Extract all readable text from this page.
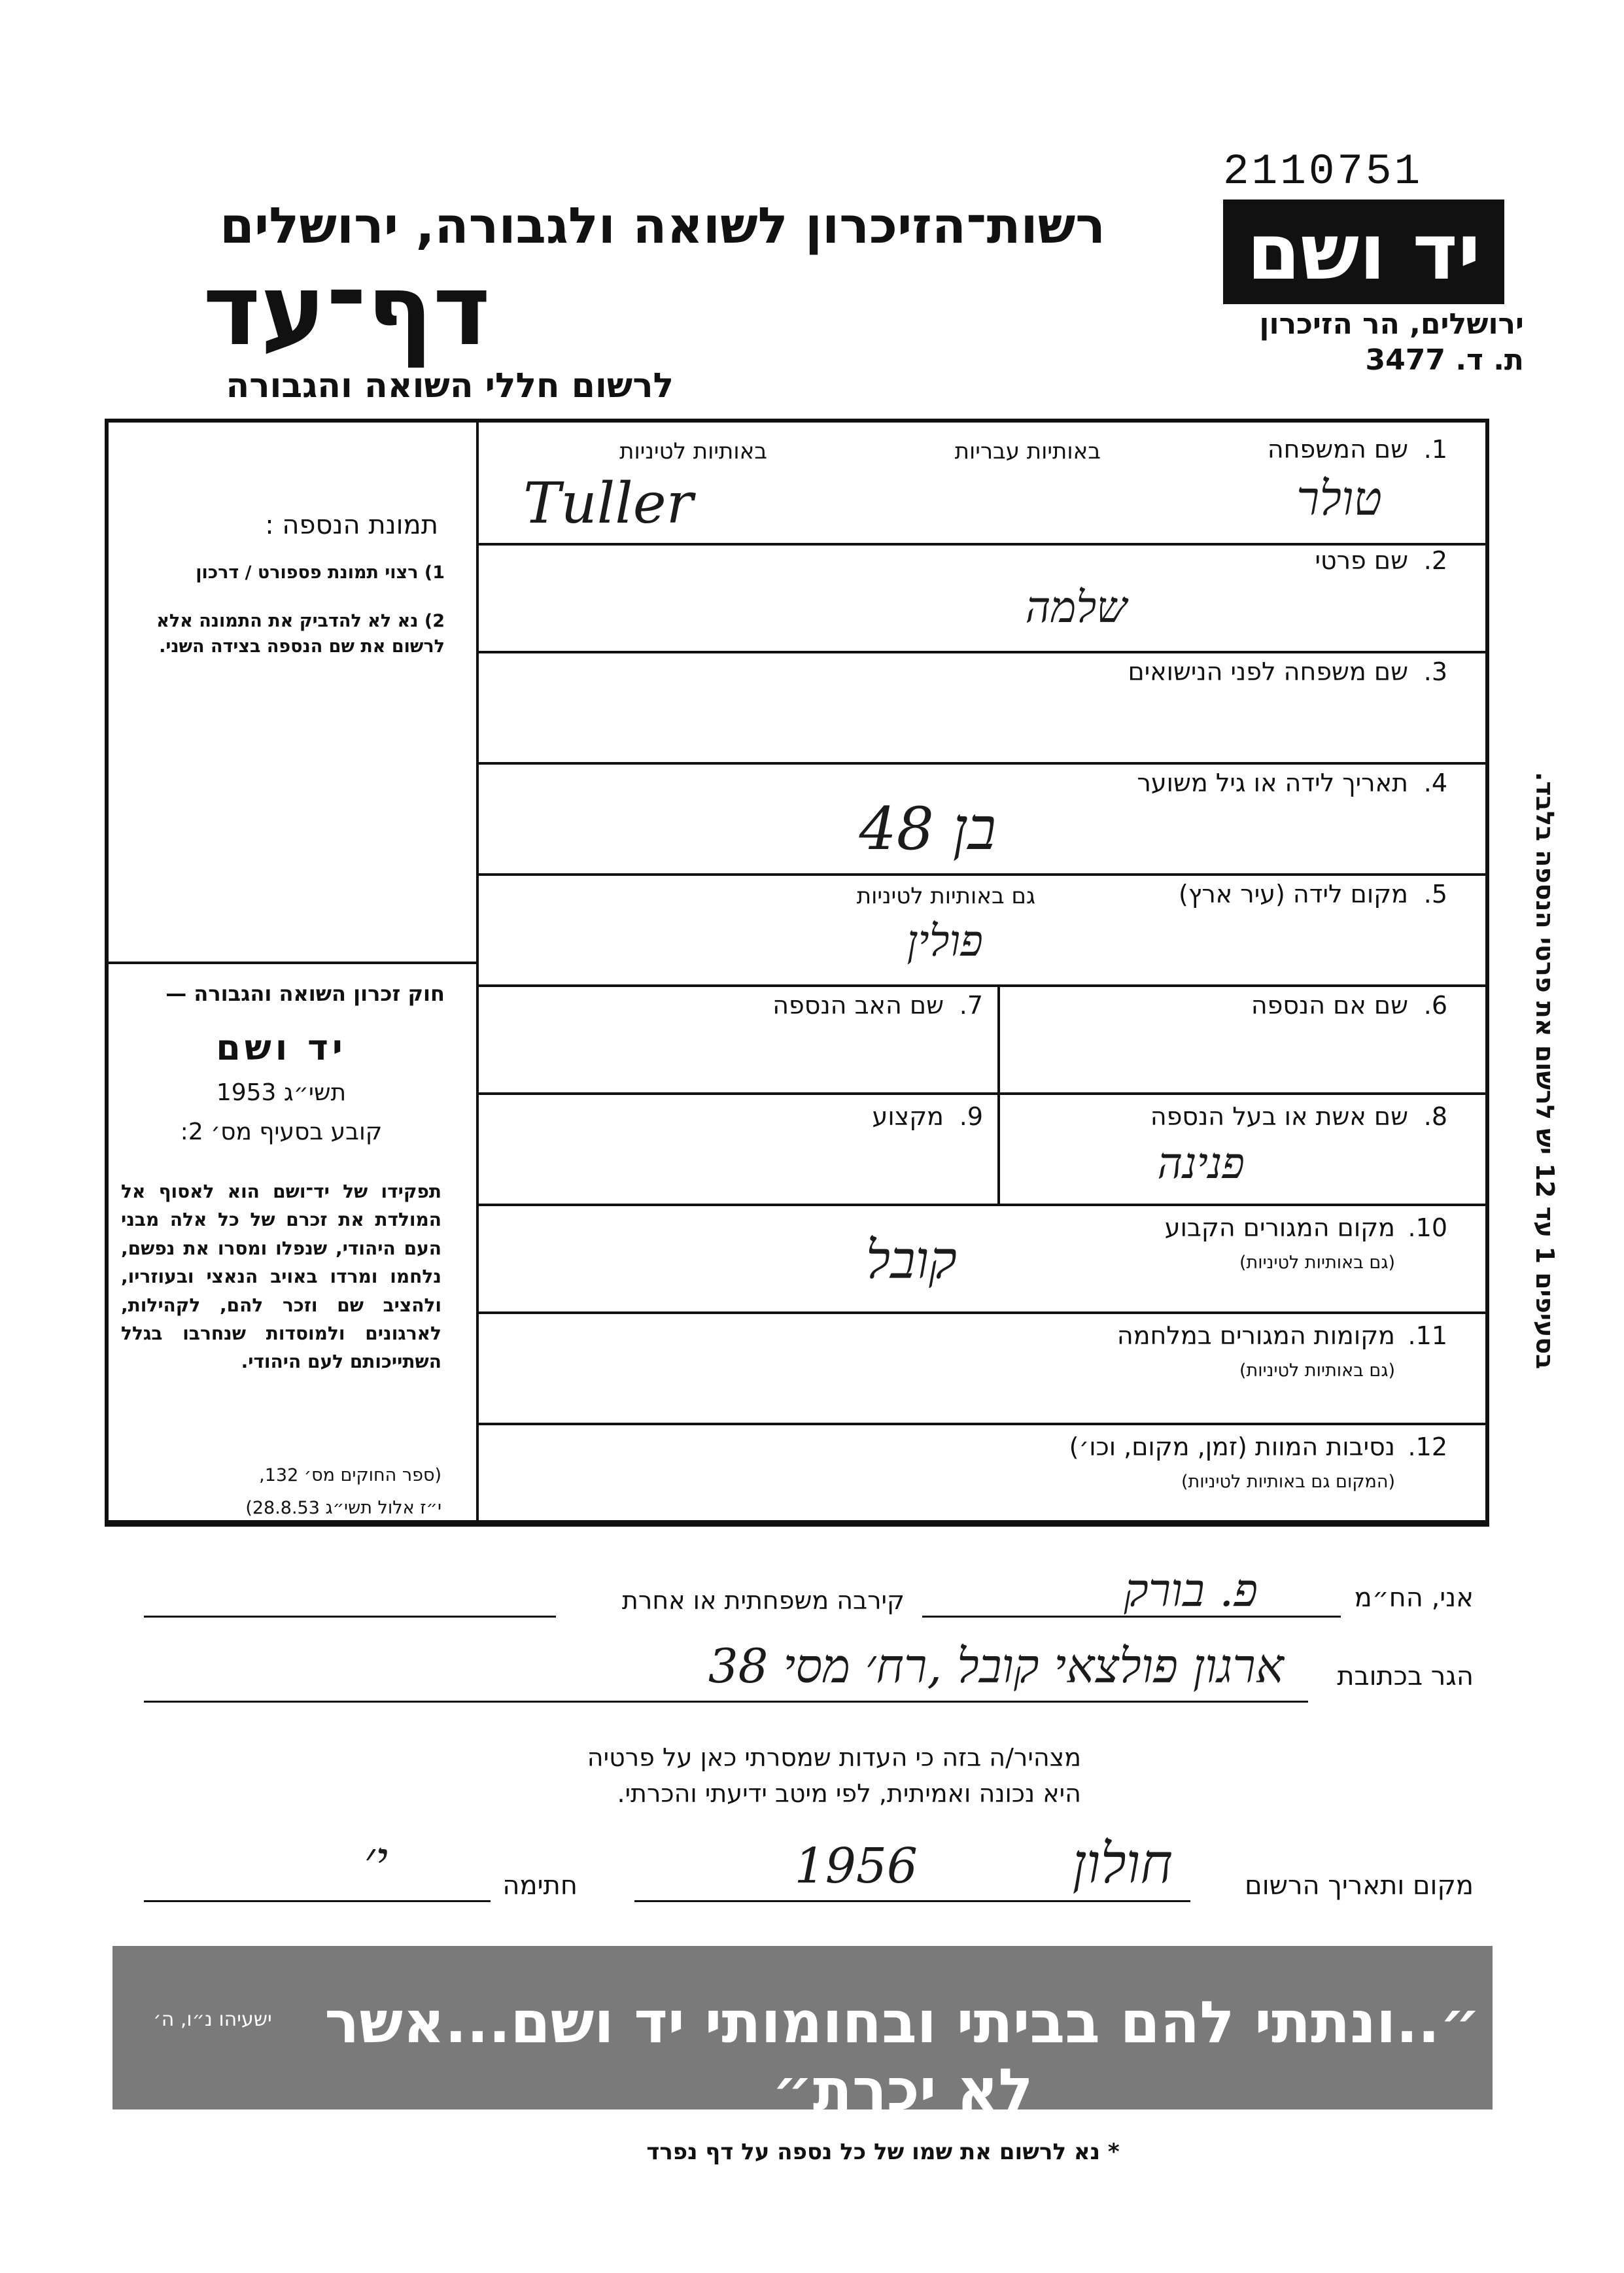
2110751
יד ושם
ירושלים, הר הזיכרון
ת. ד. 3477
רשות־הזיכרון לשואה ולגבורה, ירושלים
דף־עד
לרשום חללי השואה והגבורה
תמונת הנספה :
1) רצוי תמונת פספורט / דרכון
2) נא לא להדביק את התמונה אלא לרשום את שם הנספה בצידה השני.
חוק זכרון השואה והגבורה —
יד ושם
תשי״ג 1953
קובע בסעיף מס׳ 2:
תפקידו של יד־ושם הוא לאסוף אל המולדת את זכרם של כל אלה מבני העם היהודי, שנפלו ומסרו את נפשם, נלחמו ומרדו באויב הנאצי ובעוזריו, ולהציב שם וזכר להם, לקהילות, לארגונים ולמוסדות שנחרבו בגלל השתייכותם לעם היהודי.
(ספר החוקים מס׳ 132,
י״ז אלול תשי״ג 28.8.53)
1.
שם המשפחה
באותיות עבריות
באותיות לטיניות
טולר
Tuller
2.
שם פרטי
שלמה
3.
שם משפחה לפני הנישואים
4.
תאריך לידה או גיל משוער
בן 48
5.
מקום לידה (עיר ארץ)
גם באותיות לטיניות
פולין
6.
שם אם הנספה
7.
שם האב הנספה
8.
שם אשת או בעל הנספה
פנינה
9.
מקצוע
10.
מקום המגורים הקבוע
(גם באותיות לטיניות)
קובל
11.
מקומות המגורים במלחמה
(גם באותיות לטיניות)
12.
נסיבות המוות (זמן, מקום, וכו׳)
(המקום גם באותיות לטיניות)
אני, הח״מ
פ. בורק
קירבה משפחתית או אחרת
הגר בכתובת
ארגון פולצאי קובל ,רח׳ מסי 38
מצהיר/ה בזה כי העדות שמסרתי כאן על פרטיה
היא נכונה ואמיתית, לפי מיטב ידיעתי והכרתי.
מקום ותאריך הרשום
חולון
1956
חתימה
י׳
״..ונתתי להם בביתי ובחומותי יד ושם...אשר לא יכרת״
ישעיהו נ״ו, ה׳
בסעיפים 1 עד 12 יש לרשום את פרטי הנספה בלבד.
* נא לרשום את שמו של כל נספה על דף נפרד
